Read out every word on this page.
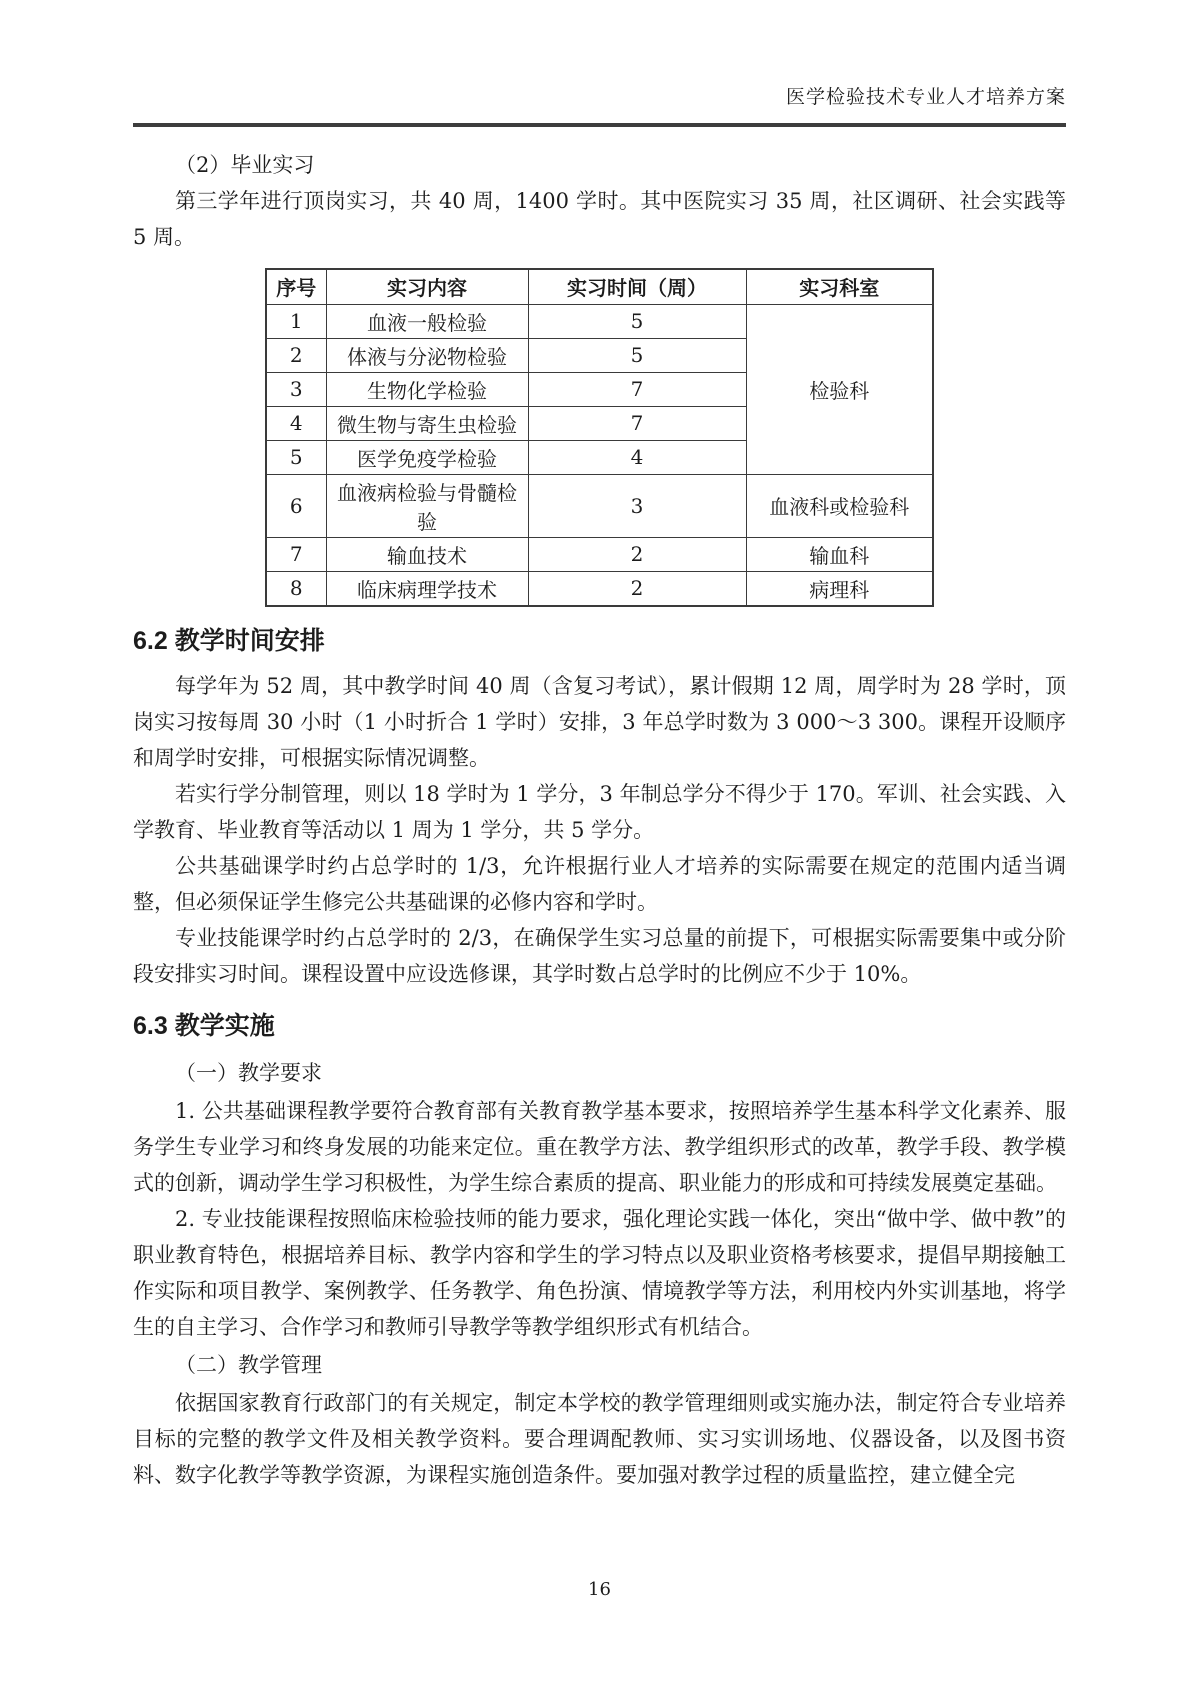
医学检验技术专业人才培养方案
（2）毕业实习

第三学年进行顶岗实习，共 40 周，1400 学时。其中医院实习 35 周，社区调研、社会实践等 5 周。

序号	实习内容	实习时间（周）	实习科室
1	血液一般检验	5	检验科
2	体液与分泌物检验	5	
3	生物化学检验	7	
4	微生物与寄生虫检验	7	
5	医学免疫学检验	4	
6	血液病检验与骨髓检验	3	血液科或检验科
7	输血技术	2	输血科
8	临床病理学技术	2	病理科
6.2 教学时间安排

每学年为 52 周，其中教学时间 40 周（含复习考试），累计假期 12 周，周学时为 28 学时，顶岗实习按每周 30 小时（1 小时折合 1 学时）安排，3 年总学时数为 3 000～3 300。课程开设顺序和周学时安排，可根据实际情况调整。

若实行学分制管理，则以 18 学时为 1 学分，3 年制总学分不得少于 170。军训、社会实践、入学教育、毕业教育等活动以 1 周为 1 学分，共 5 学分。

公共基础课学时约占总学时的 1/3，允许根据行业人才培养的实际需要在规定的范围内适当调整，但必须保证学生修完公共基础课的必修内容和学时。

专业技能课学时约占总学时的 2/3，在确保学生实习总量的前提下，可根据实际需要集中或分阶段安排实习时间。课程设置中应设选修课，其学时数占总学时的比例应不少于 10%。

6.3 教学实施
（一）教学要求

1. 公共基础课程教学要符合教育部有关教育教学基本要求，按照培养学生基本科学文化素养、服务学生专业学习和终身发展的功能来定位。重在教学方法、教学组织形式的改革，教学手段、教学模式的创新，调动学生学习积极性，为学生综合素质的提高、职业能力的形成和可持续发展奠定基础。

2. 专业技能课程按照临床检验技师的能力要求，强化理论实践一体化，突出“做中学、做中教”的职业教育特色，根据培养目标、教学内容和学生的学习特点以及职业资格考核要求，提倡早期接触工作实际和项目教学、案例教学、任务教学、角色扮演、情境教学等方法，利用校内外实训基地，将学生的自主学习、合作学习和教师引导教学等教学组织形式有机结合。

（二）教学管理

依据国家教育行政部门的有关规定，制定本学校的教学管理细则或实施办法，制定符合专业培养目标的完整的教学文件及相关教学资料。要合理调配教师、实习实训场地、仪器设备，以及图书资料、数字化教学等教学资源，为课程实施创造条件。要加强对教学过程的质量监控，建立健全完

16
